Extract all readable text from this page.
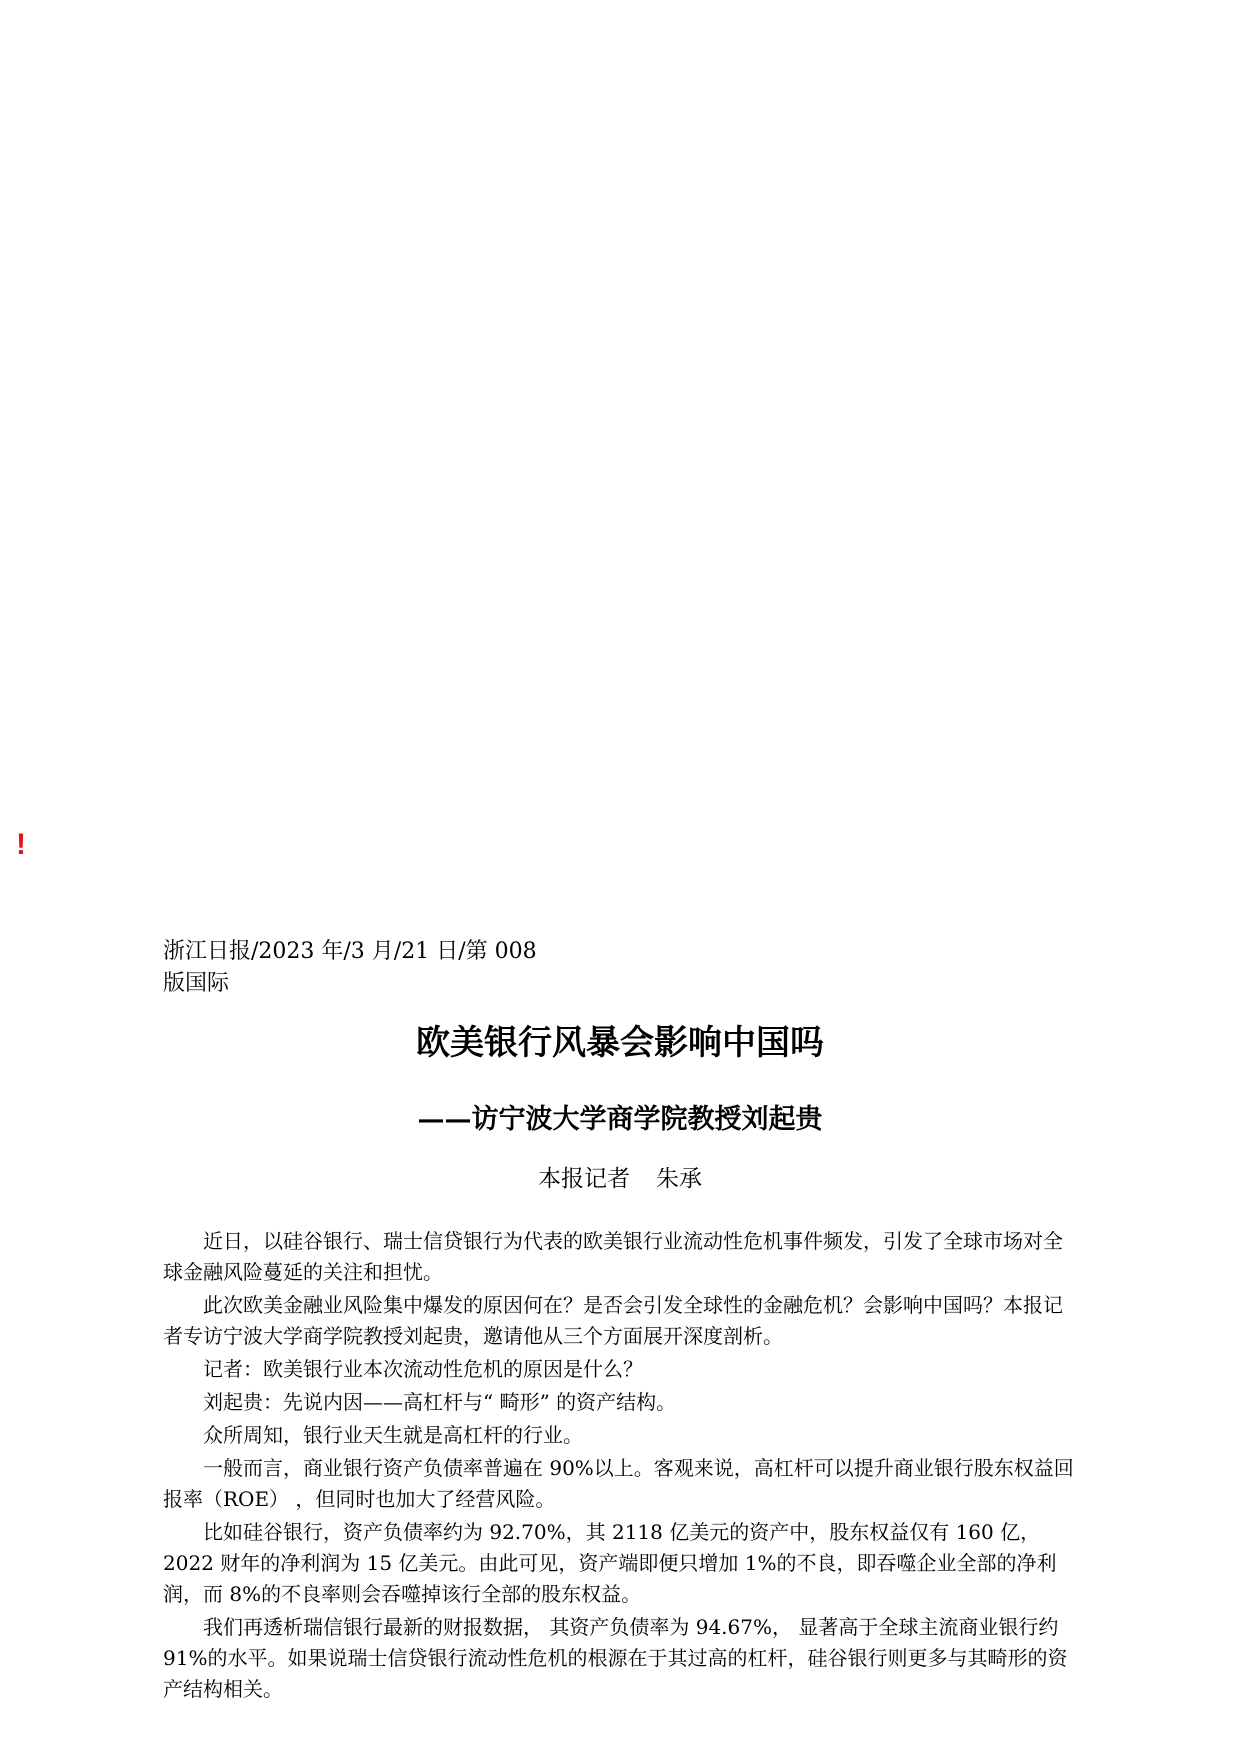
!
浙江日报/2023 年/3 月/21 日/第 008
版国际
欧美银行风暴会影响中国吗
——访宁波大学商学院教授刘起贵
本报记者 朱承

近日，以硅谷银行、瑞士信贷银行为代表的欧美银行业流动性危机事件频发，引发了全球市场对全球金融风险蔓延的关注和担忧。

此次欧美金融业风险集中爆发的原因何在？是否会引发全球性的金融危机？会影响中国吗？本报记者专访宁波大学商学院教授刘起贵，邀请他从三个方面展开深度剖析。

记者：欧美银行业本次流动性危机的原因是什么？

刘起贵：先说内因——高杠杆与“ 畸形” 的资产结构。

众所周知，银行业天生就是高杠杆的行业。

一般而言，商业银行资产负债率普遍在 90%以上。客观来说，高杠杆可以提升商业银行股东权益回报率（ROE） ，但同时也加大了经营风险。

比如硅谷银行，资产负债率约为 92.70%，其 2118 亿美元的资产中，股东权益仅有 160 亿，2022 财年的净利润为 15 亿美元。由此可见，资产端即便只增加 1%的不良，即吞噬企业全部的净利润，而 8%的不良率则会吞噬掉该行全部的股东权益。

我们再透析瑞信银行最新的财报数据， 其资产负债率为 94.67%， 显著高于全球主流商业银行约 91%的水平。如果说瑞士信贷银行流动性危机的根源在于其过高的杠杆，硅谷银行则更多与其畸形的资产结构相关。
